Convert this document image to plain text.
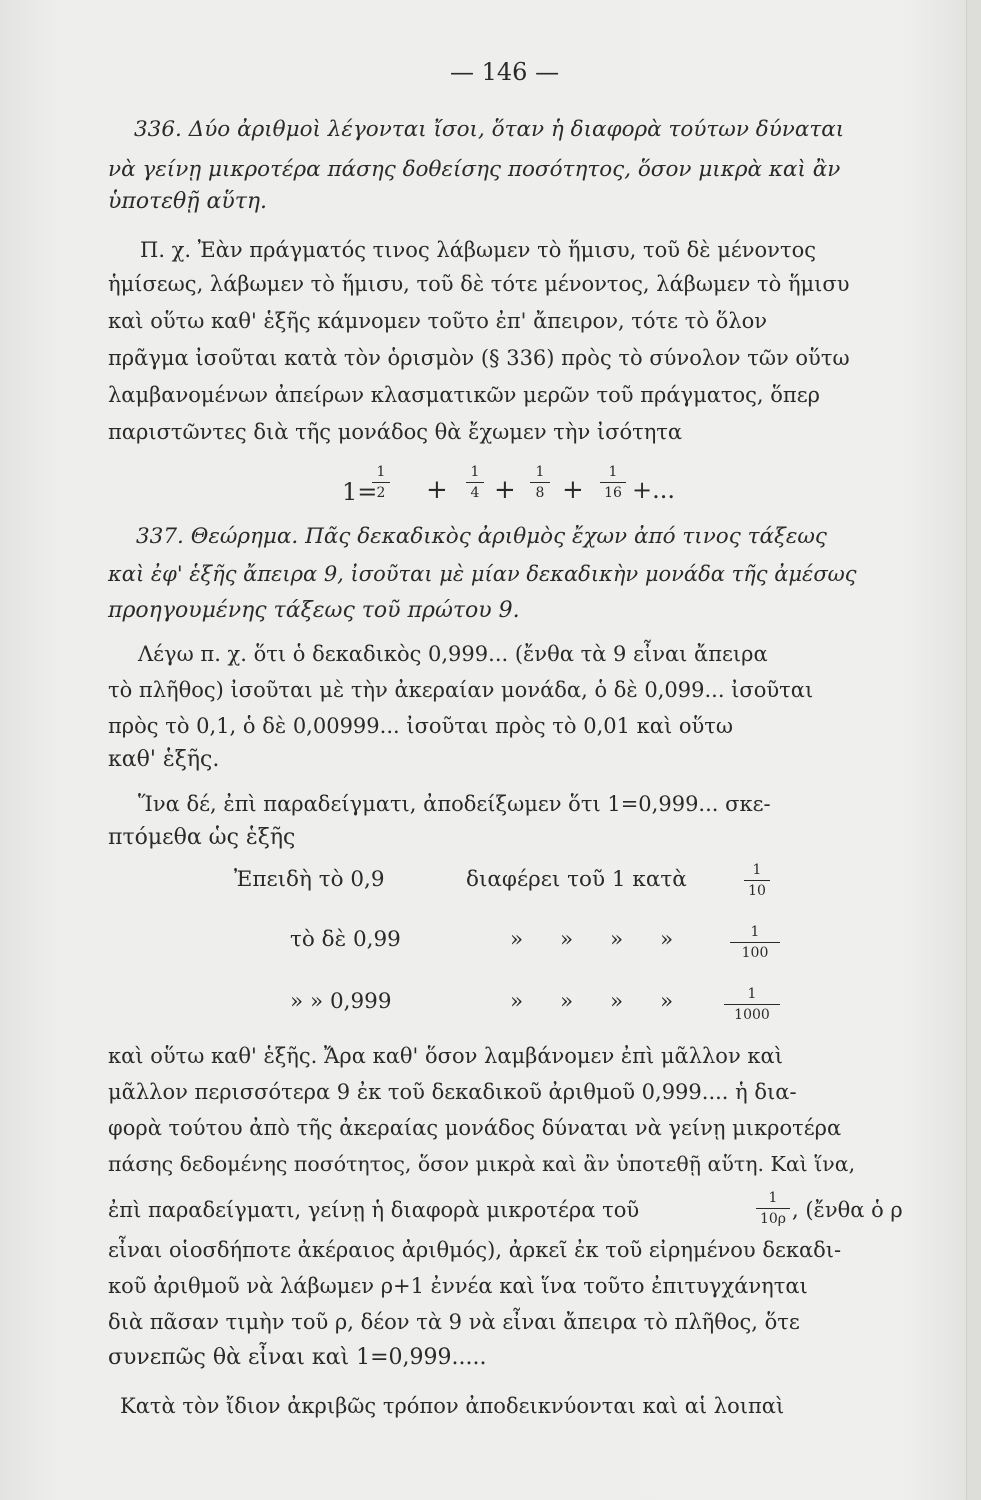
— 146 —
336. Δύο ἀριθμοὶ λέγονται ἴσοι, ὅταν ἡ διαφορὰ τούτων δύναται
νὰ γείνῃ μικροτέρα πάσης δοθείσης ποσότητος, ὅσον μικρὰ καὶ ἂν
ὑποτεθῇ αὕτη.
Π. χ. Ἐὰν πράγματός τινος λάβωμεν τὸ ἥμισυ, τοῦ δὲ μένοντος
ἡμίσεως, λάβωμεν τὸ ἥμισυ, τοῦ δὲ τότε μένοντος, λάβωμεν τὸ ἥμισυ
καὶ οὕτω καθ' ἑξῆς κάμνομεν τοῦτο ἐπ' ἄπειρον, τότε τὸ ὅλον
πρᾶγμα ἰσοῦται κατὰ τὸν ὁρισμὸν (§ 336) πρὸς τὸ σύνολον τῶν οὕτω
λαμβανομένων ἀπείρων κλασματικῶν μερῶν τοῦ πράγματος, ὅπερ
παριστῶντες διὰ τῆς μονάδος θὰ ἔχωμεν τὴν ἰσότητα
1=
1
2 +
1
4 +
1
8 +
1
16 +...
337. Θεώρημα. Πᾶς δεκαδικὸς ἀριθμὸς ἔχων ἀπό τινος τάξεως
καὶ ἐφ' ἑξῆς ἄπειρα 9, ἰσοῦται μὲ μίαν δεκαδικὴν μονάδα τῆς ἀμέσως
προηγουμένης τάξεως τοῦ πρώτου 9.
Λέγω π. χ. ὅτι ὁ δεκαδικὸς 0,999... (ἔνθα τὰ 9 εἶναι ἄπειρα
τὸ πλῆθος) ἰσοῦται μὲ τὴν ἀκεραίαν μονάδα, ὁ δὲ 0,099... ἰσοῦται
πρὸς τὸ 0,1, ὁ δὲ 0,00999... ἰσοῦται πρὸς τὸ 0,01 καὶ οὕτω
καθ' ἑξῆς.
Ἵνα δέ, ἐπὶ παραδείγματι, ἀποδείξωμεν ὅτι 1=0,999... σκε-
πτόμεθα ὡς ἑξῆς
Ἐπειδὴ τὸ 0,9	διαφέρει τοῦ 1 κατὰ	1
10
τὸ δὲ 0,99	» » » »	1
100
» » 0,999	» » » »	1
1000
καὶ οὕτω καθ' ἑξῆς. Ἄρα καθ' ὅσον λαμβάνομεν ἐπὶ μᾶλλον καὶ
μᾶλλον περισσότερα 9 ἐκ τοῦ δεκαδικοῦ ἀριθμοῦ 0,999.... ἡ δια-
φορὰ τούτου ἀπὸ τῆς ἀκεραίας μονάδος δύναται νὰ γείνῃ μικροτέρα
πάσης δεδομένης ποσότητος, ὅσον μικρὰ καὶ ἂν ὑποτεθῇ αὕτη. Καὶ ἵνα,
ἐπὶ παραδείγματι, γείνῃ ἡ διαφορὰ μικροτέρα τοῦ	1
10ρ , (ἔνθα ὁ ρ
εἶναι οἱοσδήποτε ἀκέραιος ἀριθμός), ἀρκεῖ ἐκ τοῦ εἰρημένου δεκαδι-
κοῦ ἀριθμοῦ νὰ λάβωμεν ρ+1 ἐννέα καὶ ἵνα τοῦτο ἐπιτυγχάνηται
διὰ πᾶσαν τιμὴν τοῦ ρ, δέον τὰ 9 νὰ εἶναι ἄπειρα τὸ πλῆθος, ὅτε
συνεπῶς θὰ εἶναι καὶ 1=0,999.....
Κατὰ τὸν ἴδιον ἀκριβῶς τρόπον ἀποδεικνύονται καὶ αἱ λοιπαὶ
